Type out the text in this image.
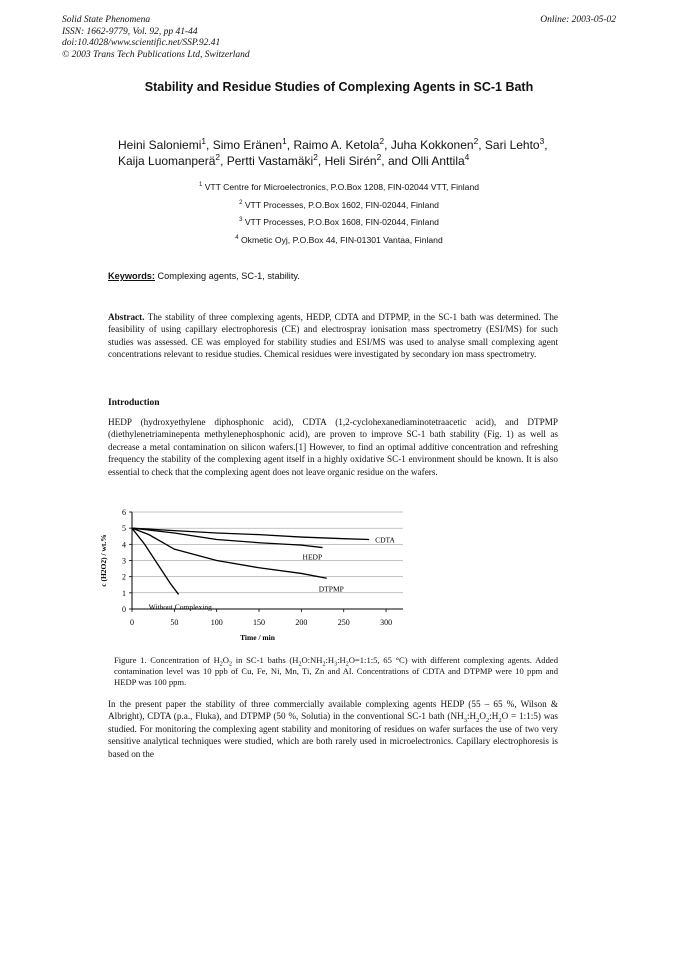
Solid State Phenomena
ISSN: 1662-9779, Vol. 92, pp 41-44
doi:10.4028/www.scientific.net/SSP.92.41
© 2003 Trans Tech Publications Ltd, Switzerland
Online: 2003-05-02
Stability and Residue Studies of Complexing Agents in SC-1 Bath
Heini Saloniemi$^1$, Simo Eränen$^1$, Raimo A. Ketola$^2$, Juha Kokkonen$^2$, Sari Lehto$^3$, Kaija Luomanperä$^2$, Pertti Vastamäki$^2$, Heli Sirén$^2$, and Olli Anttila$^4$
$^1$ VTT Centre for Microelectronics, P.O.Box 1208, FIN-02044 VTT, Finland
$^2$ VTT Processes, P.O.Box 1602, FIN-02044, Finland
$^3$ VTT Processes, P.O.Box 1608, FIN-02044, Finland
$^4$ Okmetic Oyj, P.O.Box 44, FIN-01301 Vantaa, Finland
Keywords: Complexing agents, SC-1, stability.
Abstract. The stability of three complexing agents, HEDP, CDTA and DTPMP, in the SC-1 bath was determined. The feasibility of using capillary electrophoresis (CE) and electrospray ionisation mass spectrometry (ESI/MS) for such studies was assessed. CE was employed for stability studies and ESI/MS was used to analyse small complexing agent concentrations relevant to residue studies. Chemical residues were investigated by secondary ion mass spectrometry.
Introduction
HEDP (hydroxyethylene diphosphonic acid), CDTA (1,2-cyclohexanediaminotetraacetic acid), and DTPMP (diethylenetriaminepenta methylenephosphonic acid), are proven to improve SC-1 bath stability (Fig. 1) as well as decrease a metal contamination on silicon wafers.[1] However, to find an optimal additive concentration and refreshing frequency the stability of the complexing agent itself in a highly oxidative SC-1 environment should be known. It is also essential to check that the complexing agent does not leave organic residue on the wafers.
0
1
2
3
4
5
6
0	50	100	150	200	250	300
Time / min
c (H2O2) / wt.%	CDTA
HEDP
DTPMP
Without Complexing
Figure 1. Concentration of $H_2O_2$ in SC-1 baths ($H_2O:NH_2:H_3:H_2O=1:1:5$, 65 °C) with different complexing agents. Added contamination level was 10 ppb of Cu, Fe, Ni, Mn, Ti, Zn and Al. Concentrations of CDTA and DTPMP were 10 ppm and HEDP was 100 ppm.
In the present paper the stability of three commercially available complexing agents HEDP (55 – 65 %, Wilson & Albright), CDTA (p.a., Fluka), and DTPMP (50 %, Solutia) in the conventional SC-1 bath ($NH_3:H_2O_2:H_2O$ = 1:1:5) was studied. For monitoring the complexing agent stability and monitoring of residues on wafer surfaces the use of two very sensitive analytical techniques were studied, which are both rarely used in microelectronics. Capillary electrophoresis is based on the
